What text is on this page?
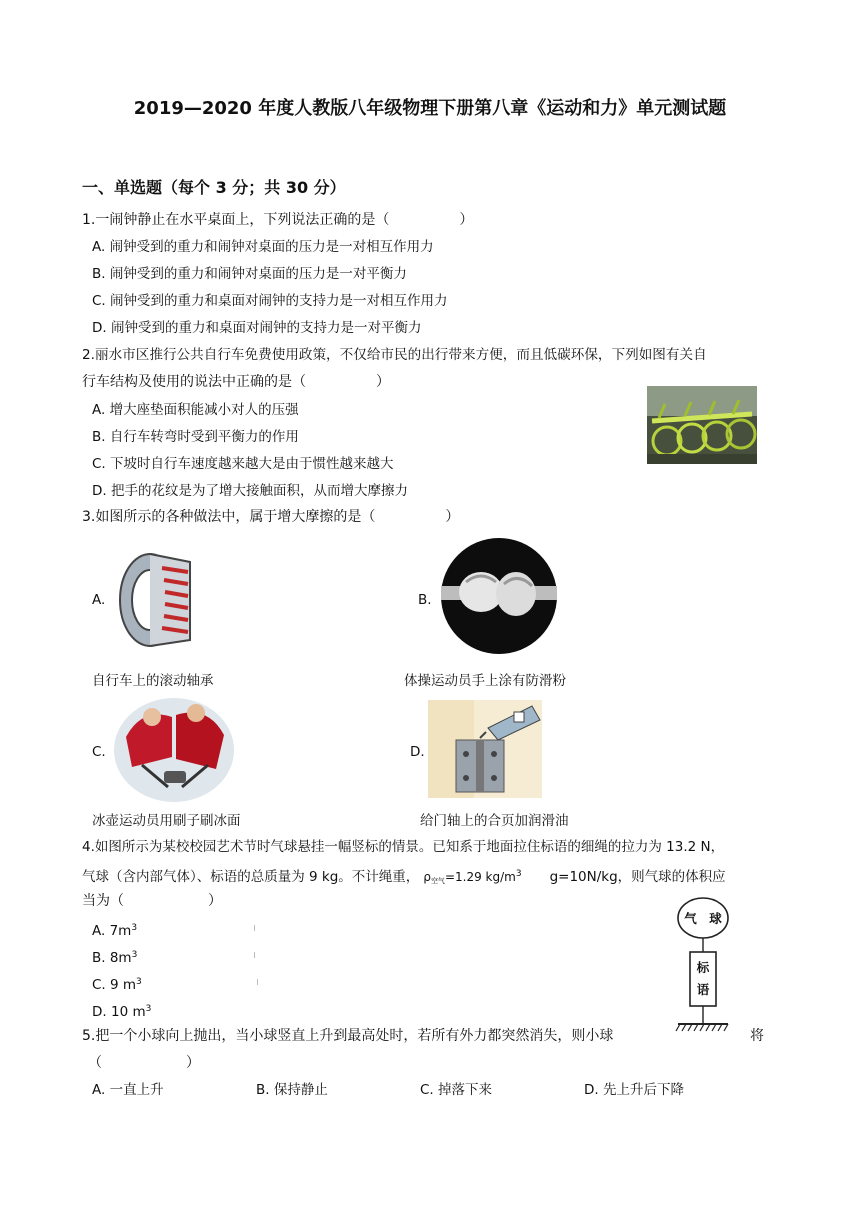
2019—2020 年度人教版八年级物理下册第八章《运动和力》单元测试题
一、单选题（每个 3 分；共 30 分）
1.一闹钟静止在水平桌面上，下列说法正确的是（　　　　　）
A. 闹钟受到的重力和闹钟对桌面的压力是一对相互作用力
B. 闹钟受到的重力和闹钟对桌面的压力是一对平衡力
C. 闹钟受到的重力和桌面对闹钟的支持力是一对相互作用力
D. 闹钟受到的重力和桌面对闹钟的支持力是一对平衡力
2.丽水市区推行公共自行车免费使用政策，不仅给市民的出行带来方便，而且低碳环保，下列如图有关自
行车结构及使用的说法中正确的是（　　　　　）
A. 增大座垫面积能减小对人的压强
B. 自行车转弯时受到平衡力的作用
C. 下坡时自行车速度越来越大是由于惯性越来越大
D. 把手的花纹是为了增大接触面积，从而增大摩擦力
3.如图所示的各种做法中，属于增大摩擦的是（　　　　　）
A.
自行车上的滚动轴承
B.
体操运动员手上涂有防滑粉
C.
冰壶运动员用刷子刷冰面
D.
给门轴上的合页加润滑油
4.如图所示为某校校园艺术节时气球悬挂一幅竖标的情景。已知系于地面拉住标语的细绳的拉力为 13.2 N，
气球（含内部气体）、标语的总质量为 9 kg。不计绳重， ρ空气=1.29 $kg/m^3$ g=10N/kg，则气球的体积应
当为（　　　　　　）
A. $7m^3$
B. $8m^3$
C. 9 $m^3$
D. 10 $m^3$
气　球
标
语
5.把一个小球向上抛出，当小球竖直上升到最高处时，若所有外力都突然消失，则小球	将
（　　　　　　）
A. 一直上升	B. 保持静止	C. 掉落下来	D. 先上升后下降
